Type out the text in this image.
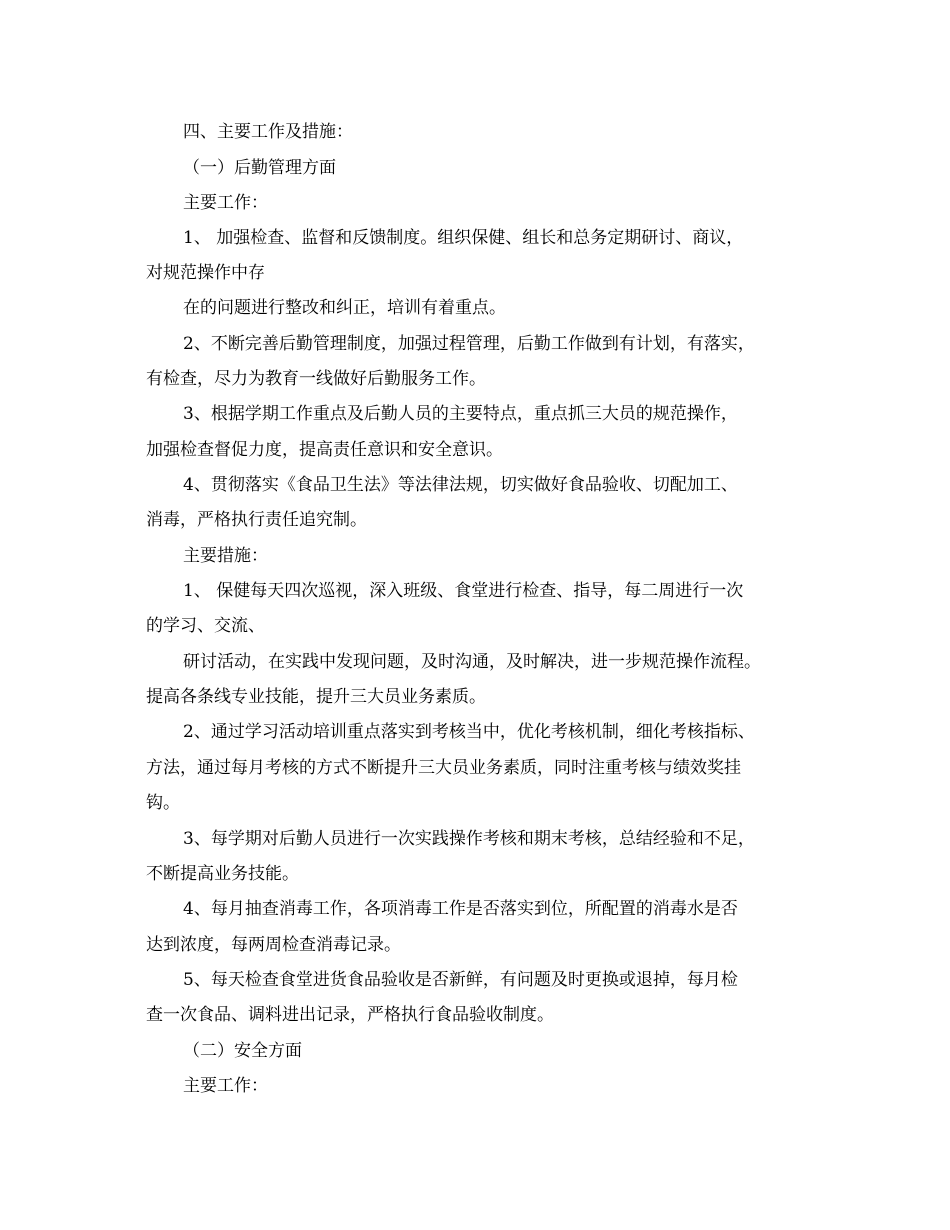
四、主要工作及措施：
（一）后勤管理方面
主要工作：
1、 加强检查、监督和反馈制度。组织保健、组长和总务定期研讨、商议，
对规范操作中存
在的问题进行整改和纠正，培训有着重点。
2、不断完善后勤管理制度，加强过程管理，后勤工作做到有计划，有落实，
有检查，尽力为教育一线做好后勤服务工作。
3、根据学期工作重点及后勤人员的主要特点，重点抓三大员的规范操作，
加强检查督促力度，提高责任意识和安全意识。
4、贯彻落实《食品卫生法》等法律法规，切实做好食品验收、切配加工、
消毒，严格执行责任追究制。
主要措施：
1、 保健每天四次巡视，深入班级、食堂进行检查、指导，每二周进行一次
的学习、交流、
研讨活动，在实践中发现问题，及时沟通，及时解决，进一步规范操作流程。
提高各条线专业技能，提升三大员业务素质。
2、通过学习活动培训重点落实到考核当中，优化考核机制，细化考核指标、
方法，通过每月考核的方式不断提升三大员业务素质，同时注重考核与绩效奖挂
钩。
3、每学期对后勤人员进行一次实践操作考核和期末考核，总结经验和不足，
不断提高业务技能。
4、每月抽查消毒工作，各项消毒工作是否落实到位，所配置的消毒水是否
达到浓度，每两周检查消毒记录。
5、每天检查食堂进货食品验收是否新鲜，有问题及时更换或退掉，每月检
查一次食品、调料进出记录，严格执行食品验收制度。
（二）安全方面
主要工作：
